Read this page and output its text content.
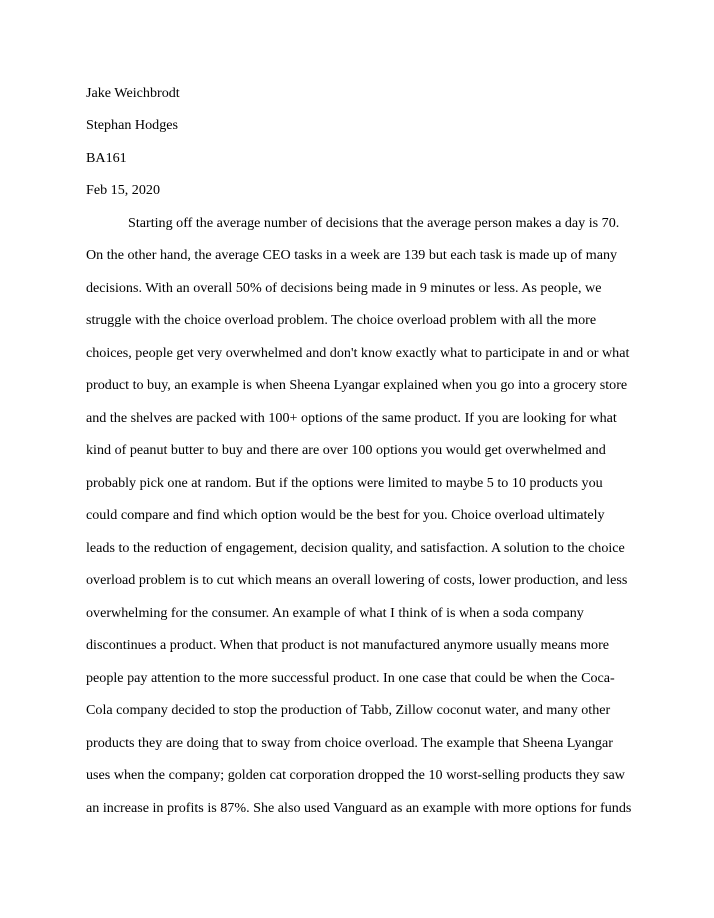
Jake Weichbrodt
Stephan Hodges
BA161
Feb 15, 2020
Starting off the average number of decisions that the average person makes a day is 70.
On the other hand, the average CEO tasks in a week are 139 but each task is made up of many
decisions. With an overall 50% of decisions being made in 9 minutes or less. As people, we
struggle with the choice overload problem. The choice overload problem with all the more
choices, people get very overwhelmed and don't know exactly what to participate in and or what
product to buy, an example is when Sheena Lyangar explained when you go into a grocery store
and the shelves are packed with 100+ options of the same product. If you are looking for what
kind of peanut butter to buy and there are over 100 options you would get overwhelmed and
probably pick one at random. But if the options were limited to maybe 5 to 10 products you
could compare and find which option would be the best for you. Choice overload ultimately
leads to the reduction of engagement, decision quality, and satisfaction. A solution to the choice
overload problem is to cut which means an overall lowering of costs, lower production, and less
overwhelming for the consumer. An example of what I think of is when a soda company
discontinues a product. When that product is not manufactured anymore usually means more
people pay attention to the more successful product. In one case that could be when the Coca-
Cola company decided to stop the production of Tabb, Zillow coconut water, and many other
products they are doing that to sway from choice overload. The example that Sheena Lyangar
uses when the company; golden cat corporation dropped the 10 worst-selling products they saw
an increase in profits is 87%. She also used Vanguard as an example with more options for funds
